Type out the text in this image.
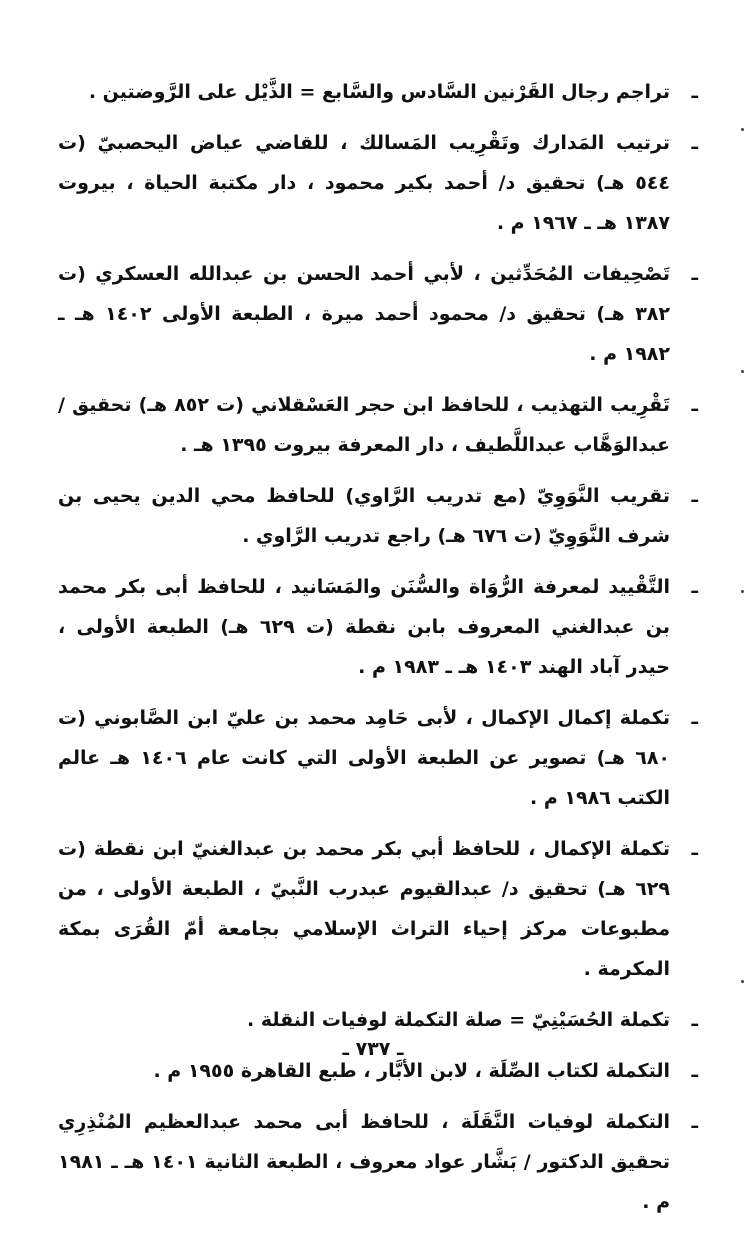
ـ
تراجم رجال القَرْنين السَّادس والسَّابع = الذَّيْل على الرَّوضتين .
ـ
ترتيب المَدارك وتَقْرِيب المَسالك ، للقاضي عياض اليحصبيّ (ت ٥٤٤ هـ) تحقيق د/ أحمد بكير محمود ، دار مكتبة الحياة ، بيروت ١٣٨٧ هـ ـ ١٩٦٧ م .
ـ
تَصْحِيفات المُحَدِّثين ، لأبي أحمد الحسن بن عبدالله العسكري (ت ٣٨٢ هـ) تحقيق د/ محمود أحمد ميرة ، الطبعة الأولى ١٤٠٢ هـ ـ ١٩٨٢ م .
ـ
تَقْرِيب التهذيب ، للحافظ ابن حجر العَسْقلاني (ت ٨٥٢ هـ) تحقيق / عبدالوَهَّاب عبداللَّطيف ، دار المعرفة بيروت ١٣٩٥ هـ .
ـ
تقريب النَّوَوِيّ (مع تدريب الرَّاوي) للحافظ محي الدين يحيى بن شرف النَّوَوِيّ (ت ٦٧٦ هـ) راجع تدريب الرَّاوي .
ـ
التَّقْييد لمعرفة الرُّوَاة والسُّنَن والمَسَانيد ، للحافظ أبى بكر محمد بن عبدالغني المعروف بابن نقطة (ت ٦٢٩ هـ) الطبعة الأولى ، حيدر آباد الهند ١٤٠٣ هـ ـ ١٩٨٣ م .
ـ
تكملة إكمال الإكمال ، لأبى حَامِد محمد بن عليّ ابن الصَّابوني (ت ٦٨٠ هـ) تصوير عن الطبعة الأولى التي كانت عام ١٤٠٦ هـ عالم الكتب ١٩٨٦ م .
ـ
تكملة الإكمال ، للحافظ أبي بكر محمد بن عبدالغنيّ ابن نقطة (ت ٦٢٩ هـ) تحقيق د/ عبدالقيوم عبدرب النَّبيّ ، الطبعة الأولى ، من مطبوعات مركز إحياء التراث الإسلامي بجامعة أمّ القُرَى بمكة المكرمة .
ـ
تكملة الحُسَيْنِيّ = صلة التكملة لوفيات النقلة .
ـ
التكملة لكتاب الصِّلَة ، لابن الأبَّار ، طبع القاهرة ١٩٥٥ م .
ـ
التكملة لوفيات النَّقَلَة ، للحافظ أبى محمد عبدالعظيم المُنْذِرِي تحقيق الدكتور / بَشَّار عواد معروف ، الطبعة الثانية ١٤٠١ هـ ـ ١٩٨١ م .
ـ ٧٣٧ ـ
